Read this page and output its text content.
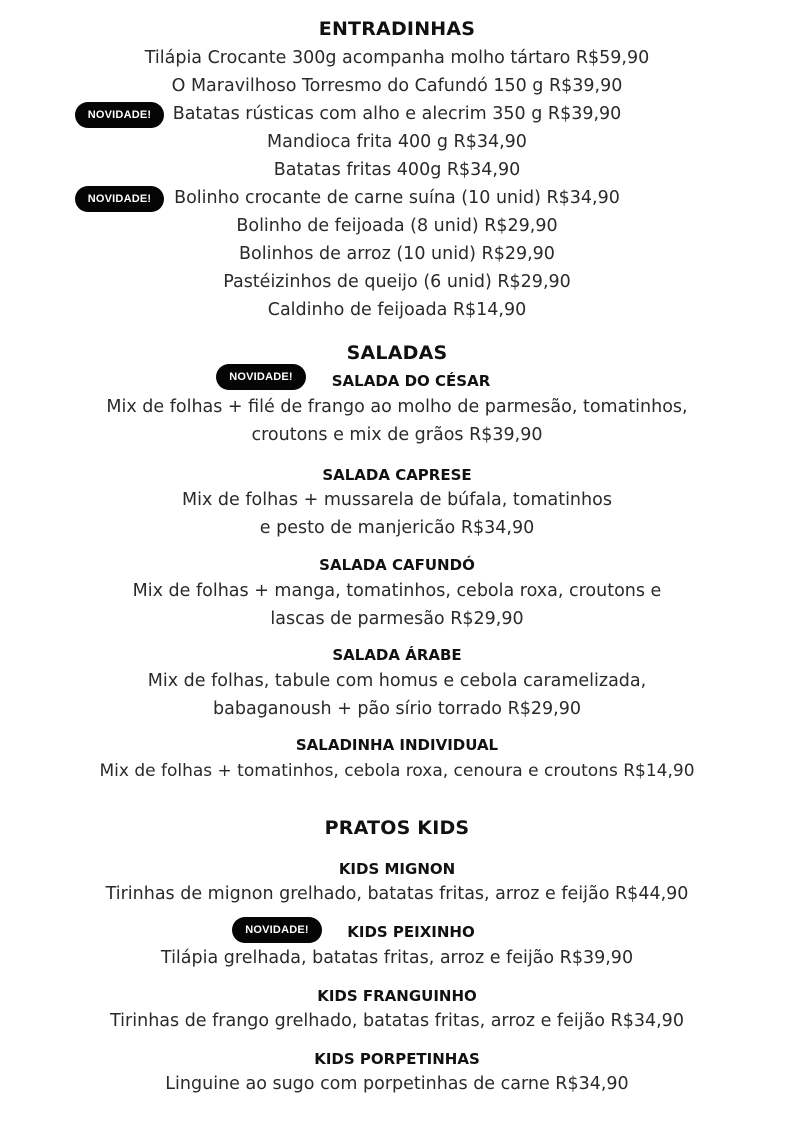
ENTRADINHAS
Tilápia Crocante 300g acompanha molho tártaro R$59,90
O Maravilhoso Torresmo do Cafundó 150 g R$39,90
NOVIDADE!	Batatas rústicas com alho e alecrim 350 g R$39,90
Mandioca frita 400 g R$34,90
Batatas fritas 400g R$34,90
NOVIDADE!	Bolinho crocante de carne suína (10 unid) R$34,90
Bolinho de feijoada (8 unid) R$29,90
Bolinhos de arroz (10 unid) R$29,90
Pastéizinhos de queijo (6 unid) R$29,90
Caldinho de feijoada R$14,90
SALADAS
NOVIDADE!	SALADA DO CÉSAR
Mix de folhas + filé de frango ao molho de parmesão, tomatinhos,
croutons e mix de grãos R$39,90
SALADA CAPRESE
Mix de folhas + mussarela de búfala, tomatinhos
e pesto de manjericão R$34,90
SALADA CAFUNDÓ
Mix de folhas + manga, tomatinhos, cebola roxa, croutons e
lascas de parmesão R$29,90
SALADA ÁRABE
Mix de folhas, tabule com homus e cebola caramelizada,
babaganoush + pão sírio torrado R$29,90
SALADINHA INDIVIDUAL
Mix de folhas + tomatinhos, cebola roxa, cenoura e croutons R$14,90
PRATOS KIDS
KIDS MIGNON
Tirinhas de mignon grelhado, batatas fritas, arroz e feijão R$44,90
NOVIDADE!	KIDS PEIXINHO
Tilápia grelhada, batatas fritas, arroz e feijão R$39,90
KIDS FRANGUINHO
Tirinhas de frango grelhado, batatas fritas, arroz e feijão R$34,90
KIDS PORPETINHAS
Linguine ao sugo com porpetinhas de carne R$34,90
